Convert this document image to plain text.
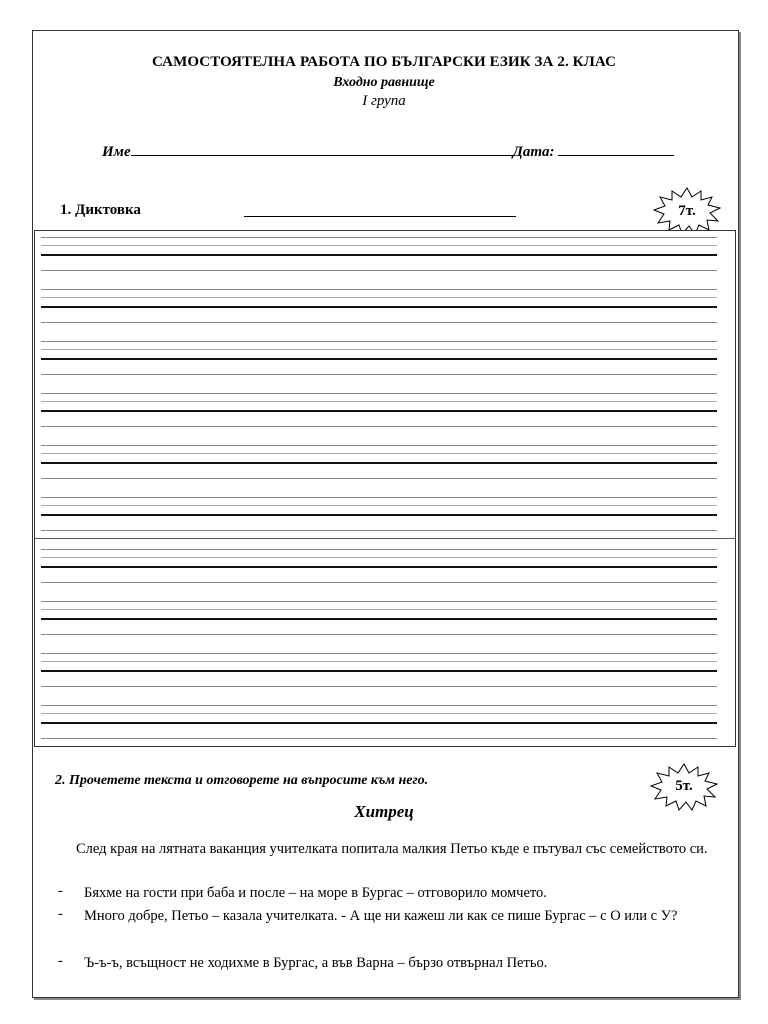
САМОСТОЯТЕЛНА РАБОТА ПО БЪЛГАРСКИ ЕЗИК ЗА 2. КЛАС
Входно равнище
І група
Име	Дата:
1. Диктовка	7т.
2. Прочетете текста и отговорете на въпросите към него.	5т.
Хитрец
След края на лятната ваканция учителката попитала малкия Петьо къде е пътувал със семейството си.
- Бяхме на гости при баба и после – на море в Бургас – отговорило момчето.
- Много добре, Петьо – казала учителката. - А ще ни кажеш ли как се пише Бургас – с О или с У?
- Ъ-ъ-ъ, всъщност не ходихме в Бургас, а във Варна – бързо отвърнал Петьо.
